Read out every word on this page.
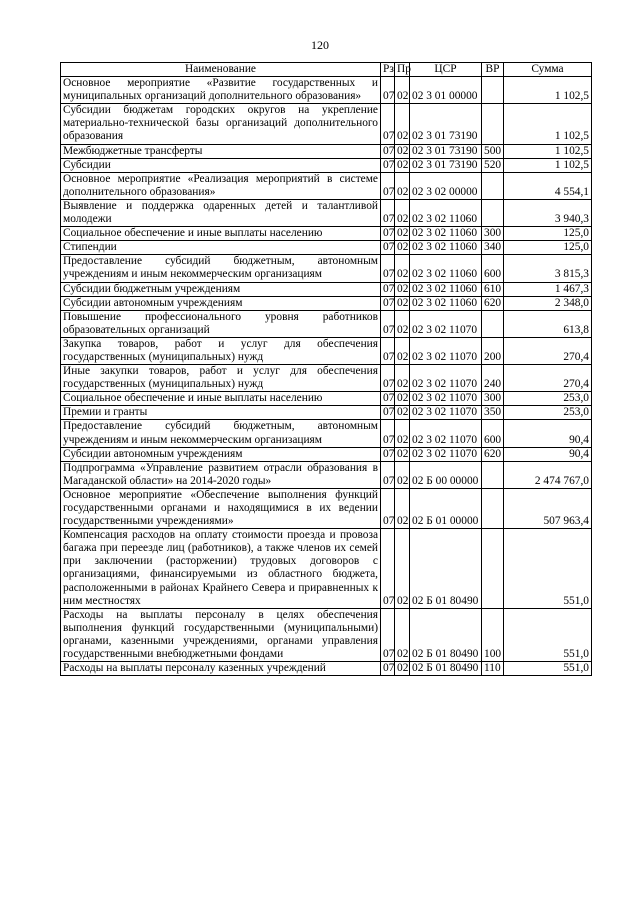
120
Наименование	Рз	Пр	ЦСР	ВР	Сумма
Основное мероприятие «Развитие государственных и муниципальных организаций дополнительного образования»	07	02	02 3 01 00000		1 102,5
Субсидии бюджетам городских округов на укрепление материально-технической базы организаций дополнительного образования	07	02	02 3 01 73190		1 102,5
Межбюджетные трансферты	07	02	02 3 01 73190	500	1 102,5
Субсидии	07	02	02 3 01 73190	520	1 102,5
Основное мероприятие «Реализация мероприятий в системе дополнительного образования»	07	02	02 3 02 00000		4 554,1
Выявление и поддержка одаренных детей и талантливой молодежи	07	02	02 3 02 11060		3 940,3
Социальное обеспечение и иные выплаты населению	07	02	02 3 02 11060	300	125,0
Стипендии	07	02	02 3 02 11060	340	125,0
Предоставление субсидий бюджетным, автономным учреждениям и иным некоммерческим организациям	07	02	02 3 02 11060	600	3 815,3
Субсидии бюджетным учреждениям	07	02	02 3 02 11060	610	1 467,3
Субсидии автономным учреждениям	07	02	02 3 02 11060	620	2 348,0
Повышение профессионального уровня работников образовательных организаций	07	02	02 3 02 11070		613,8
Закупка товаров, работ и услуг для обеспечения государственных (муниципальных) нужд	07	02	02 3 02 11070	200	270,4
Иные закупки товаров, работ и услуг для обеспечения государственных (муниципальных) нужд	07	02	02 3 02 11070	240	270,4
Социальное обеспечение и иные выплаты населению	07	02	02 3 02 11070	300	253,0
Премии и гранты	07	02	02 3 02 11070	350	253,0
Предоставление субсидий бюджетным, автономным учреждениям и иным некоммерческим организациям	07	02	02 3 02 11070	600	90,4
Субсидии автономным учреждениям	07	02	02 3 02 11070	620	90,4
Подпрограмма «Управление развитием отрасли образования в Магаданской области» на 2014-2020 годы»	07	02	02 Б 00 00000		2 474 767,0
Основное мероприятие «Обеспечение выполнения функций государственными органами и находящимися в их ведении государственными учреждениями»	07	02	02 Б 01 00000		507 963,4
Компенсация расходов на оплату стоимости проезда и провоза багажа при переезде лиц (работников), а также членов их семей при заключении (расторжении) трудовых договоров с организациями, финансируемыми из областного бюджета, расположенными в районах Крайнего Севера и приравненных к ним местностях	07	02	02 Б 01 80490		551,0
Расходы на выплаты персоналу в целях обеспечения выполнения функций государственными (муниципальными) органами, казенными учреждениями, органами управления государственными внебюджетными фондами	07	02	02 Б 01 80490	100	551,0
Расходы на выплаты персоналу казенных учреждений	07	02	02 Б 01 80490	110	551,0
